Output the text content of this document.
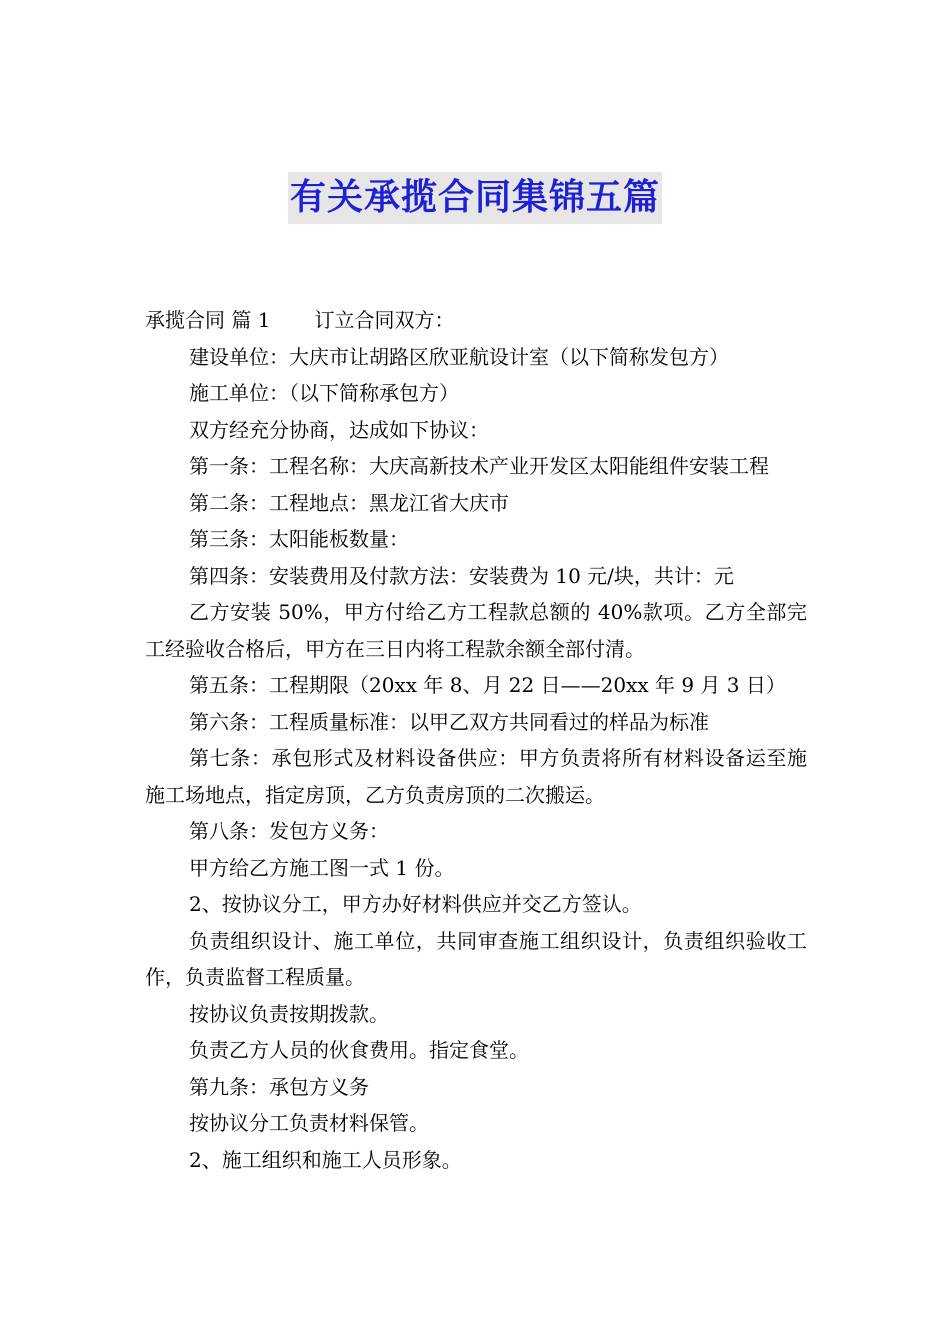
有关承揽合同集锦五篇

承揽合同 篇 1 订立合同双方：

建设单位：大庆市让胡路区欣亚航设计室（以下简称发包方）

施工单位：（以下简称承包方）

双方经充分协商，达成如下协议：

第一条：工程名称：大庆高新技术产业开发区太阳能组件安装工程

第二条：工程地点：黑龙江省大庆市

第三条：太阳能板数量：

第四条：安装费用及付款方法：安装费为 10 元/块，共计：元

乙方安装 50%，甲方付给乙方工程款总额的 40%款项。乙方全部完工经验收合格后，甲方在三日内将工程款余额全部付清。

第五条：工程期限（20xx 年 8、月 22 日——20xx 年 9 月 3 日）

第六条：工程质量标准：以甲乙双方共同看过的样品为标准

第七条：承包形式及材料设备供应：甲方负责将所有材料设备运至施施工场地点，指定房顶，乙方负责房顶的二次搬运。

第八条：发包方义务：

甲方给乙方施工图一式 1 份。

2、按协议分工，甲方办好材料供应并交乙方签认。

负责组织设计、施工单位，共同审查施工组织设计，负责组织验收工作，负责监督工程质量。

按协议负责按期拨款。

负责乙方人员的伙食费用。指定食堂。

第九条：承包方义务

按协议分工负责材料保管。

2、施工组织和施工人员形象。
